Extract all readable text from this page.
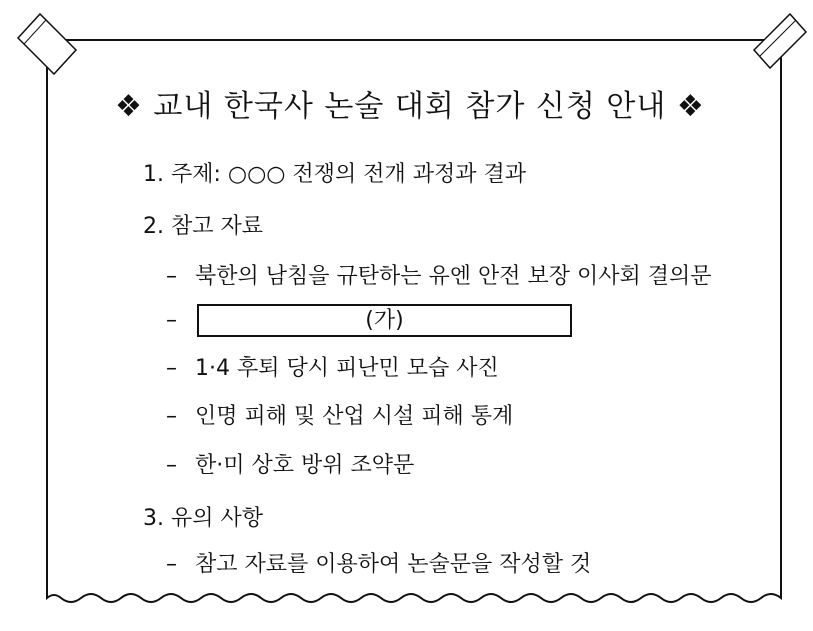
❖ 교내 한국사 논술 대회 참가 신청 안내 ❖
1. 주제: ○○○ 전쟁의 전개 과정과 결과
2. 참고 자료
– 북한의 남침을 규탄하는 유엔 안전 보장 이사회 결의문
–	(가)
– 1·4 후퇴 당시 피난민 모습 사진
– 인명 피해 및 산업 시설 피해 통계
– 한·미 상호 방위 조약문
3. 유의 사항
– 참고 자료를 이용하여 논술문을 작성할 것
